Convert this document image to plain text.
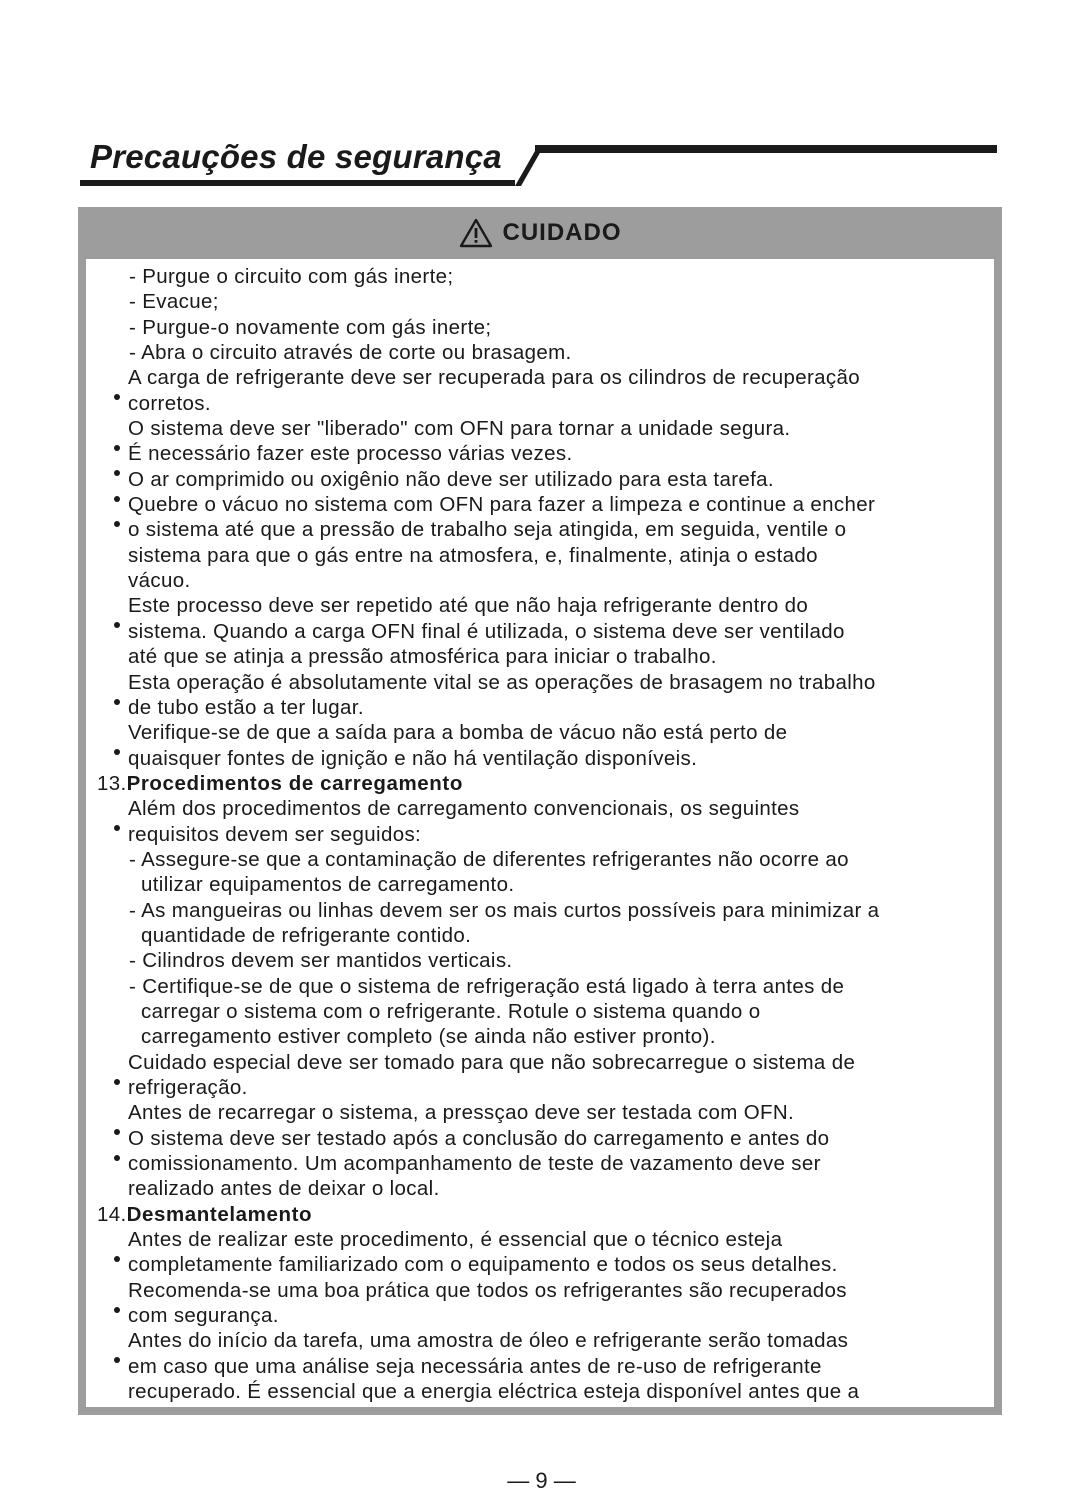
Precauções de segurança
CUIDADO
- Purgue o circuito com gás inerte;
- Evacue;
- Purgue-o novamente com gás inerte;
- Abra o circuito através de corte ou brasagem.
A carga de refrigerante deve ser recuperada para os cilindros de recuperação
corretos.
O sistema deve ser "liberado" com OFN para tornar a unidade segura.
É necessário fazer este processo várias vezes.
O ar comprimido ou oxigênio não deve ser utilizado para esta tarefa.
Quebre o vácuo no sistema com OFN para fazer a limpeza e continue a encher
o sistema até que a pressão de trabalho seja atingida, em seguida, ventile o
sistema para que o gás entre na atmosfera, e, finalmente, atinja o estado
vácuo.
Este processo deve ser repetido até que não haja refrigerante dentro do
sistema. Quando a carga OFN final é utilizada, o sistema deve ser ventilado
até que se atinja a pressão atmosférica para iniciar o trabalho.
Esta operação é absolutamente vital se as operações de brasagem no trabalho
de tubo estão a ter lugar.
Verifique-se de que a saída para a bomba de vácuo não está perto de
quaisquer fontes de ignição e não há ventilação disponíveis.
13.Procedimentos de carregamento
Além dos procedimentos de carregamento convencionais, os seguintes
requisitos devem ser seguidos:
- Assegure-se que a contaminação de diferentes refrigerantes não ocorre ao
utilizar equipamentos de carregamento.
- As mangueiras ou linhas devem ser os mais curtos possíveis para minimizar a
quantidade de refrigerante contido.
- Cilindros devem ser mantidos verticais.
- Certifique-se de que o sistema de refrigeração está ligado à terra antes de
carregar o sistema com o refrigerante. Rotule o sistema quando o
carregamento estiver completo (se ainda não estiver pronto).
Cuidado especial deve ser tomado para que não sobrecarregue o sistema de
refrigeração.
Antes de recarregar o sistema, a pressçao deve ser testada com OFN.
O sistema deve ser testado após a conclusão do carregamento e antes do
comissionamento. Um acompanhamento de teste de vazamento deve ser
realizado antes de deixar o local.
14.Desmantelamento
Antes de realizar este procedimento, é essencial que o técnico esteja
completamente familiarizado com o equipamento e todos os seus detalhes.
Recomenda-se uma boa prática que todos os refrigerantes são recuperados
com segurança.
Antes do início da tarefa, uma amostra de óleo e refrigerante serão tomadas
em caso que uma análise seja necessária antes de re-uso de refrigerante
recuperado. É essencial que a energia eléctrica esteja disponível antes que a
— 9 —
